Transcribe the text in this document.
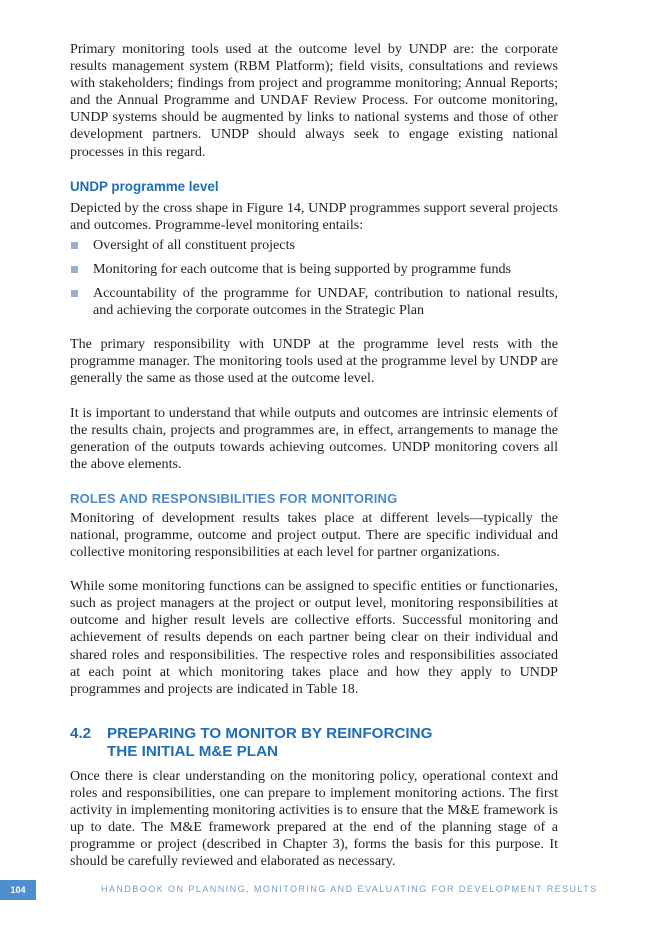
Primary monitoring tools used at the outcome level by UNDP are: the corporate results management system (RBM Platform); field visits, consultations and reviews with stakeholders; findings from project and programme monitoring; Annual Reports; and the Annual Programme and UNDAF Review Process. For outcome monitoring, UNDP systems should be augmented by links to national systems and those of other development partners. UNDP should always seek to engage existing national processes in this regard.

UNDP programme level

Depicted by the cross shape in Figure 14, UNDP programmes support several projects and outcomes. Programme-level monitoring entails:

Oversight of all constituent projects
Monitoring for each outcome that is being supported by programme funds
Accountability of the programme for UNDAF, contribution to national results, and achieving the corporate outcomes in the Strategic Plan

The primary responsibility with UNDP at the programme level rests with the programme manager. The monitoring tools used at the programme level by UNDP are generally the same as those used at the outcome level.

It is important to understand that while outputs and outcomes are intrinsic elements of the results chain, projects and programmes are, in effect, arrangements to manage the generation of the outputs towards achieving outcomes. UNDP monitoring covers all the above elements.

ROLES AND RESPONSIBILITIES FOR MONITORING

Monitoring of development results takes place at different levels—typically the national, programme, outcome and project output. There are specific individual and collective monitoring responsibilities at each level for partner organizations.

While some monitoring functions can be assigned to specific entities or functionaries, such as project managers at the project or output level, monitoring responsibilities at outcome and higher result levels are collective efforts. Successful monitoring and achievement of results depends on each partner being clear on their individual and shared roles and responsibilities. The respective roles and responsibilities associated at each point at which monitoring takes place and how they apply to UNDP programmes and projects are indicated in Table 18.

4.2	PREPARING TO MONITOR BY REINFORCING
THE INITIAL M&E PLAN

Once there is clear understanding on the monitoring policy, operational context and roles and responsibilities, one can prepare to implement monitoring actions. The first activity in implementing monitoring activities is to ensure that the M&E framework is up to date. The M&E framework prepared at the end of the planning stage of a programme or project (described in Chapter 3), forms the basis for this purpose. It should be carefully reviewed and elaborated as necessary.

104	HANDBOOK ON PLANNING, MONITORING AND EVALUATING FOR DEVELOPMENT RESULTS
